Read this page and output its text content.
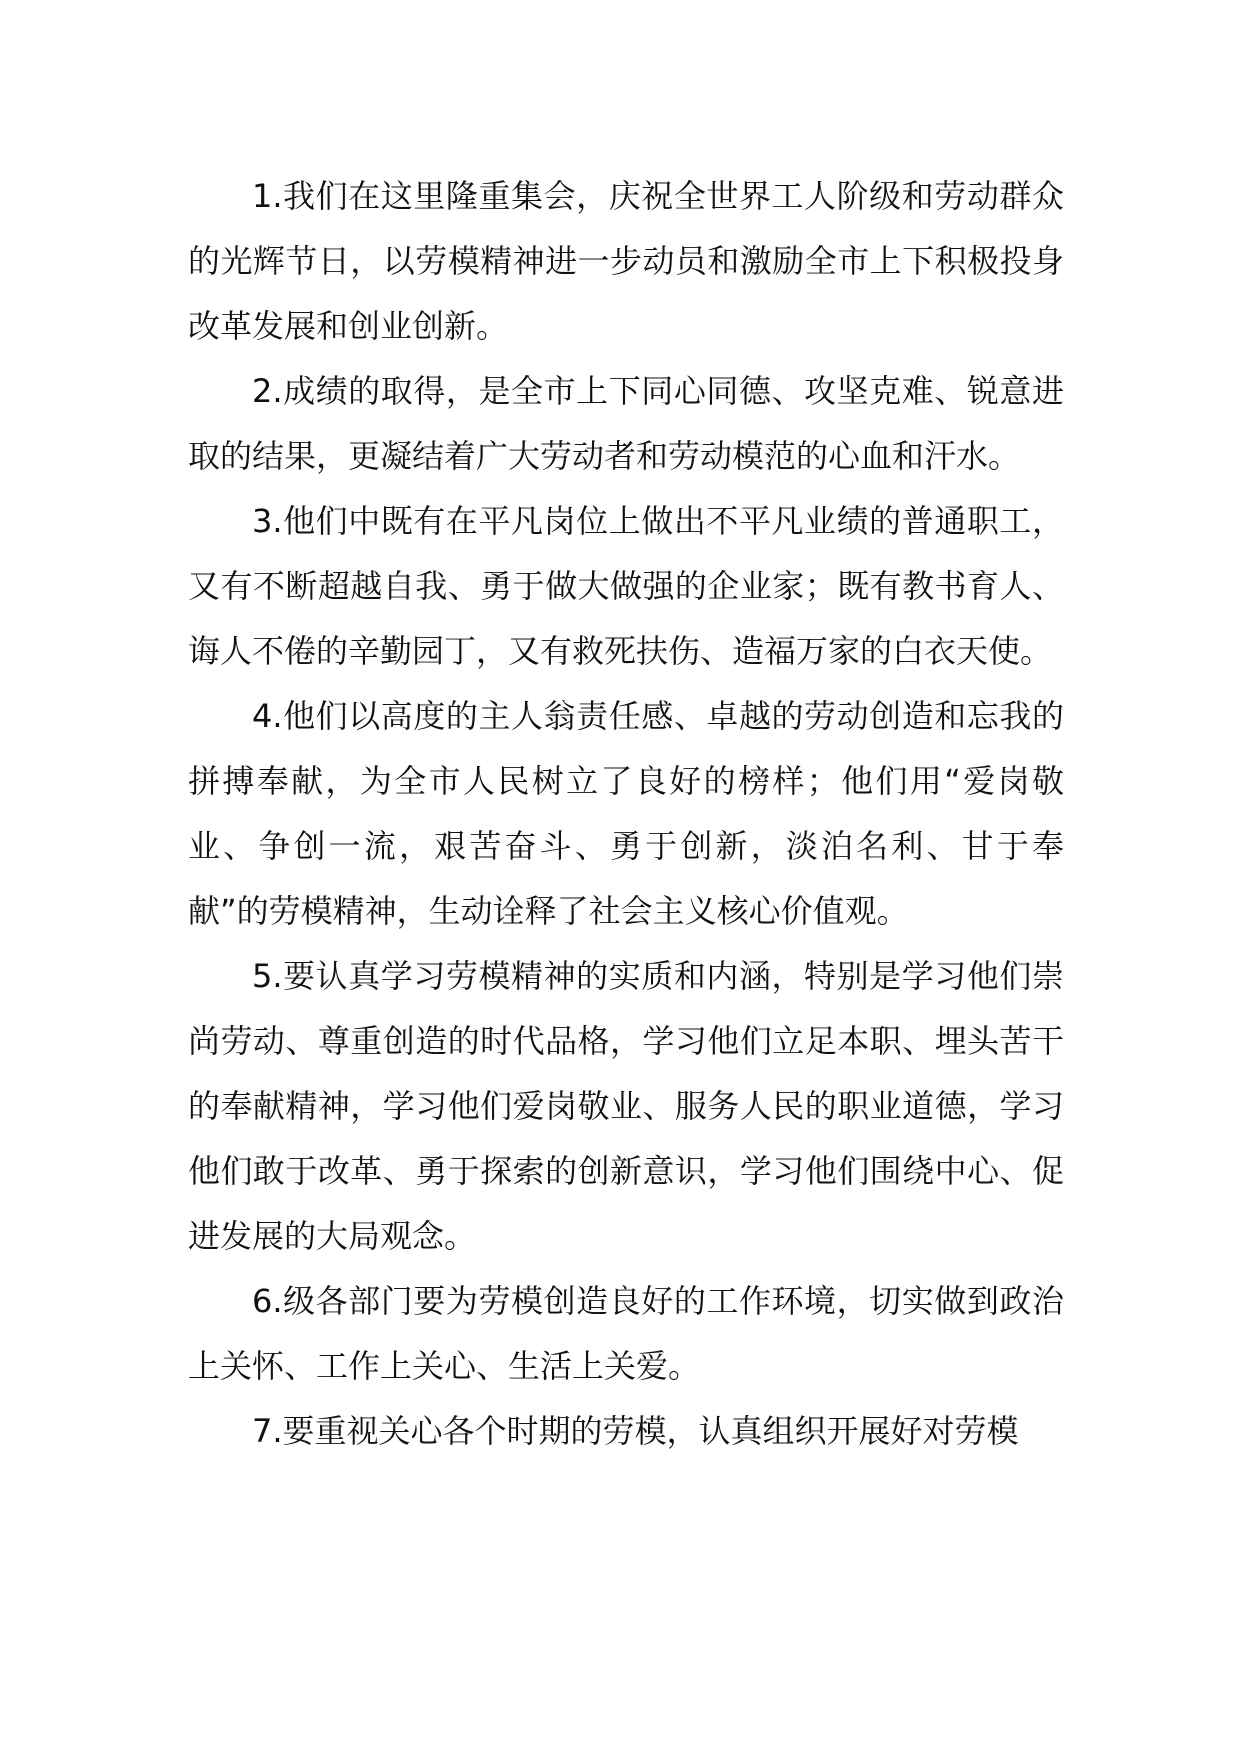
1.我们在这里隆重集会，庆祝全世界工人阶级和劳动群众的光辉节日，以劳模精神进一步动员和激励全市上下积极投身改革发展和创业创新。

2.成绩的取得，是全市上下同心同德、攻坚克难、锐意进取的结果，更凝结着广大劳动者和劳动模范的心血和汗水。

3.他们中既有在平凡岗位上做出不平凡业绩的普通职工，又有不断超越自我、勇于做大做强的企业家；既有教书育人、诲人不倦的辛勤园丁，又有救死扶伤、造福万家的白衣天使。

4.他们以高度的主人翁责任感、卓越的劳动创造和忘我的拼搏奉献，为全市人民树立了良好的榜样；他们用“爱岗敬业、争创一流，艰苦奋斗、勇于创新，淡泊名利、甘于奉献”的劳模精神，生动诠释了社会主义核心价值观。

5.要认真学习劳模精神的实质和内涵，特别是学习他们崇尚劳动、尊重创造的时代品格，学习他们立足本职、埋头苦干的奉献精神，学习他们爱岗敬业、服务人民的职业道德，学习他们敢于改革、勇于探索的创新意识，学习他们围绕中心、促进发展的大局观念。

6.级各部门要为劳模创造良好的工作环境，切实做到政治上关怀、工作上关心、生活上关爱。

7.要重视关心各个时期的劳模，认真组织开展好对劳模
